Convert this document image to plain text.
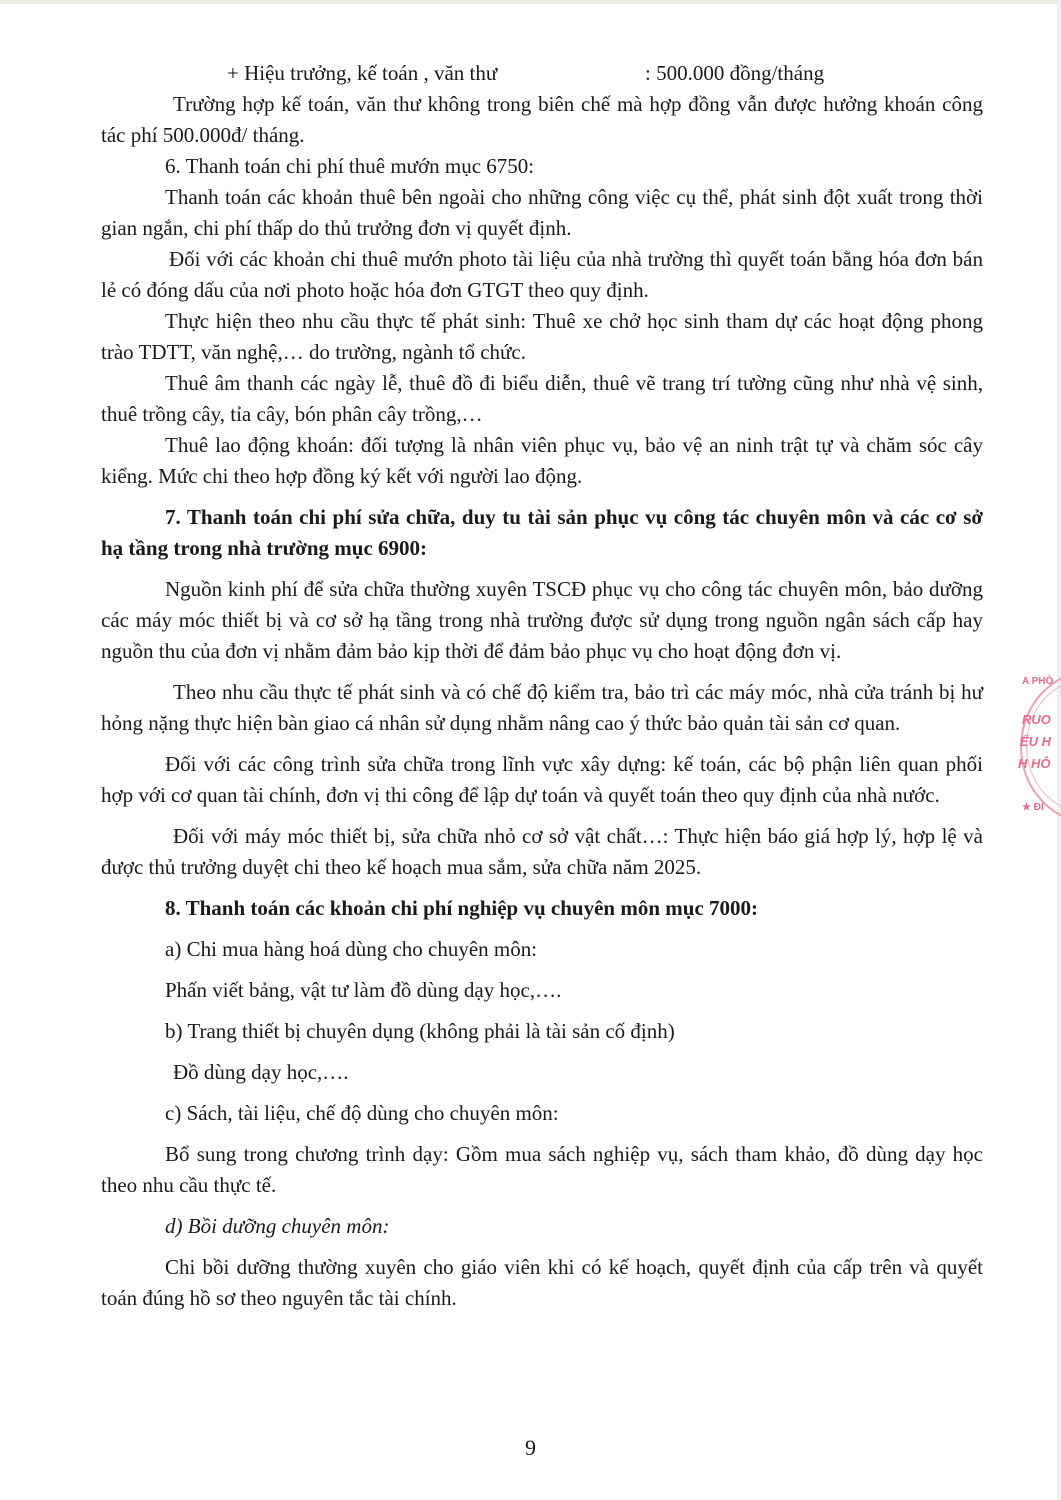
+ Hiệu trưởng, kế toán , văn thư	: 500.000 đồng/tháng

Trường hợp kế toán, văn thư không trong biên chế mà hợp đồng vẫn được hưởng khoán công tác phí 500.000đ/ tháng.

6. Thanh toán chi phí thuê mướn mục 6750:

Thanh toán các khoản thuê bên ngoài cho những công việc cụ thể, phát sinh đột xuất trong thời gian ngắn, chi phí thấp do thủ trưởng đơn vị quyết định.

Đối với các khoản chi thuê mướn photo tài liệu của nhà trường thì quyết toán bằng hóa đơn bán lẻ có đóng dấu của nơi photo hoặc hóa đơn GTGT theo quy định.

Thực hiện theo nhu cầu thực tế phát sinh: Thuê xe chở học sinh tham dự các hoạt động phong trào TDTT, văn nghệ,… do trường, ngành tổ chức.

Thuê âm thanh các ngày lễ, thuê đồ đi biểu diễn, thuê vẽ trang trí tường cũng như nhà vệ sinh, thuê trồng cây, tỉa cây, bón phân cây trồng,…

Thuê lao động khoán: đối tượng là nhân viên phục vụ, bảo vệ an ninh trật tự và chăm sóc cây kiểng. Mức chi theo hợp đồng ký kết với người lao động.

7. Thanh toán chi phí sửa chữa, duy tu tài sản phục vụ công tác chuyên môn và các cơ sở hạ tầng trong nhà trường mục 6900:

Nguồn kinh phí để sửa chữa thường xuyên TSCĐ phục vụ cho công tác chuyên môn, bảo dưỡng các máy móc thiết bị và cơ sở hạ tầng trong nhà trường được sử dụng trong nguồn ngân sách cấp hay nguồn thu của đơn vị nhằm đảm bảo kịp thời để đảm bảo phục vụ cho hoạt động đơn vị.

Theo nhu cầu thực tế phát sinh và có chế độ kiểm tra, bảo trì các máy móc, nhà cửa tránh bị hư hỏng nặng thực hiện bàn giao cá nhân sử dụng nhằm nâng cao ý thức bảo quản tài sản cơ quan.

Đối với các công trình sửa chữa trong lĩnh vực xây dựng: kế toán, các bộ phận liên quan phối hợp với cơ quan tài chính, đơn vị thi công để lập dự toán và quyết toán theo quy định của nhà nước.

Đối với máy móc thiết bị, sửa chữa nhỏ cơ sở vật chất…: Thực hiện báo giá hợp lý, hợp lệ và được thủ trưởng duyệt chi theo kế hoạch mua sắm, sửa chữa năm 2025.

8. Thanh toán các khoản chi phí nghiệp vụ chuyên môn mục 7000:

a) Chi mua hàng hoá dùng cho chuyên môn:

Phấn viết bảng, vật tư làm đồ dùng dạy học,….

b) Trang thiết bị chuyên dụng (không phải là tài sản cố định)

Đồ dùng dạy học,….

c) Sách, tài liệu, chế độ dùng cho chuyên môn:

Bổ sung trong chương trình dạy: Gồm mua sách nghiệp vụ, sách tham khảo, đồ dùng dạy học theo nhu cầu thực tế.

d) Bồi dưỡng chuyên môn:

Chi bồi dưỡng thường xuyên cho giáo viên khi có kế hoạch, quyết định của cấp trên và quyết toán đúng hồ sơ theo nguyên tắc tài chính.

9
A PHÒ
RUO
ỂU H
H HÔ
★ ĐI
